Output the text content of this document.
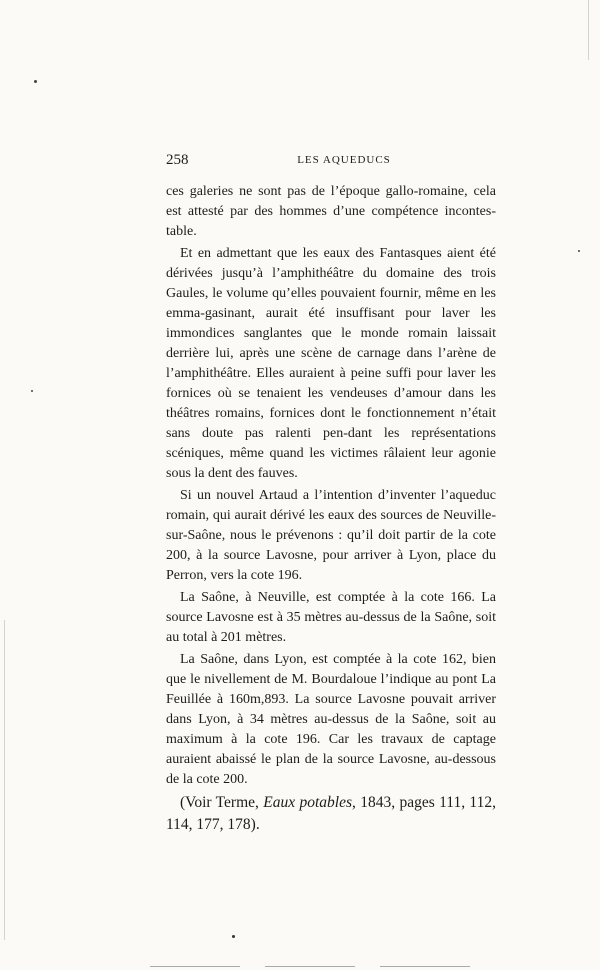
258	LES AQUEDUCS

ces galeries ne sont pas de l’époque gallo-romaine, cela est attesté par des hommes d’une compétence incontes-table.

Et en admettant que les eaux des Fantasques aient été dérivées jusqu’à l’amphithéâtre du domaine des trois Gaules, le volume qu’elles pouvaient fournir, même en les emma-gasinant, aurait été insuffisant pour laver les immondices sanglantes que le monde romain laissait derrière lui, après une scène de carnage dans l’arène de l’amphithéâtre. Elles auraient à peine suffi pour laver les fornices où se tenaient les vendeuses d’amour dans les théâtres romains, fornices dont le fonctionnement n’était sans doute pas ralenti pen-dant les représentations scéniques, même quand les victimes râlaient leur agonie sous la dent des fauves.

Si un nouvel Artaud a l’intention d’inventer l’aqueduc romain, qui aurait dérivé les eaux des sources de Neuville-sur-Saône, nous le prévenons : qu’il doit partir de la cote 200, à la source Lavosne, pour arriver à Lyon, place du Perron, vers la cote 196.

La Saône, à Neuville, est comptée à la cote 166. La source Lavosne est à 35 mètres au-dessus de la Saône, soit au total à 201 mètres.

La Saône, dans Lyon, est comptée à la cote 162, bien que le nivellement de M. Bourdaloue l’indique au pont La Feuillée à 160m,893. La source Lavosne pouvait arriver dans Lyon, à 34 mètres au-dessus de la Saône, soit au maximum à la cote 196. Car les travaux de captage auraient abaissé le plan de la source Lavosne, au-dessous de la cote 200.

(Voir Terme, Eaux potables, 1843, pages 111, 112, 114, 177, 178).
